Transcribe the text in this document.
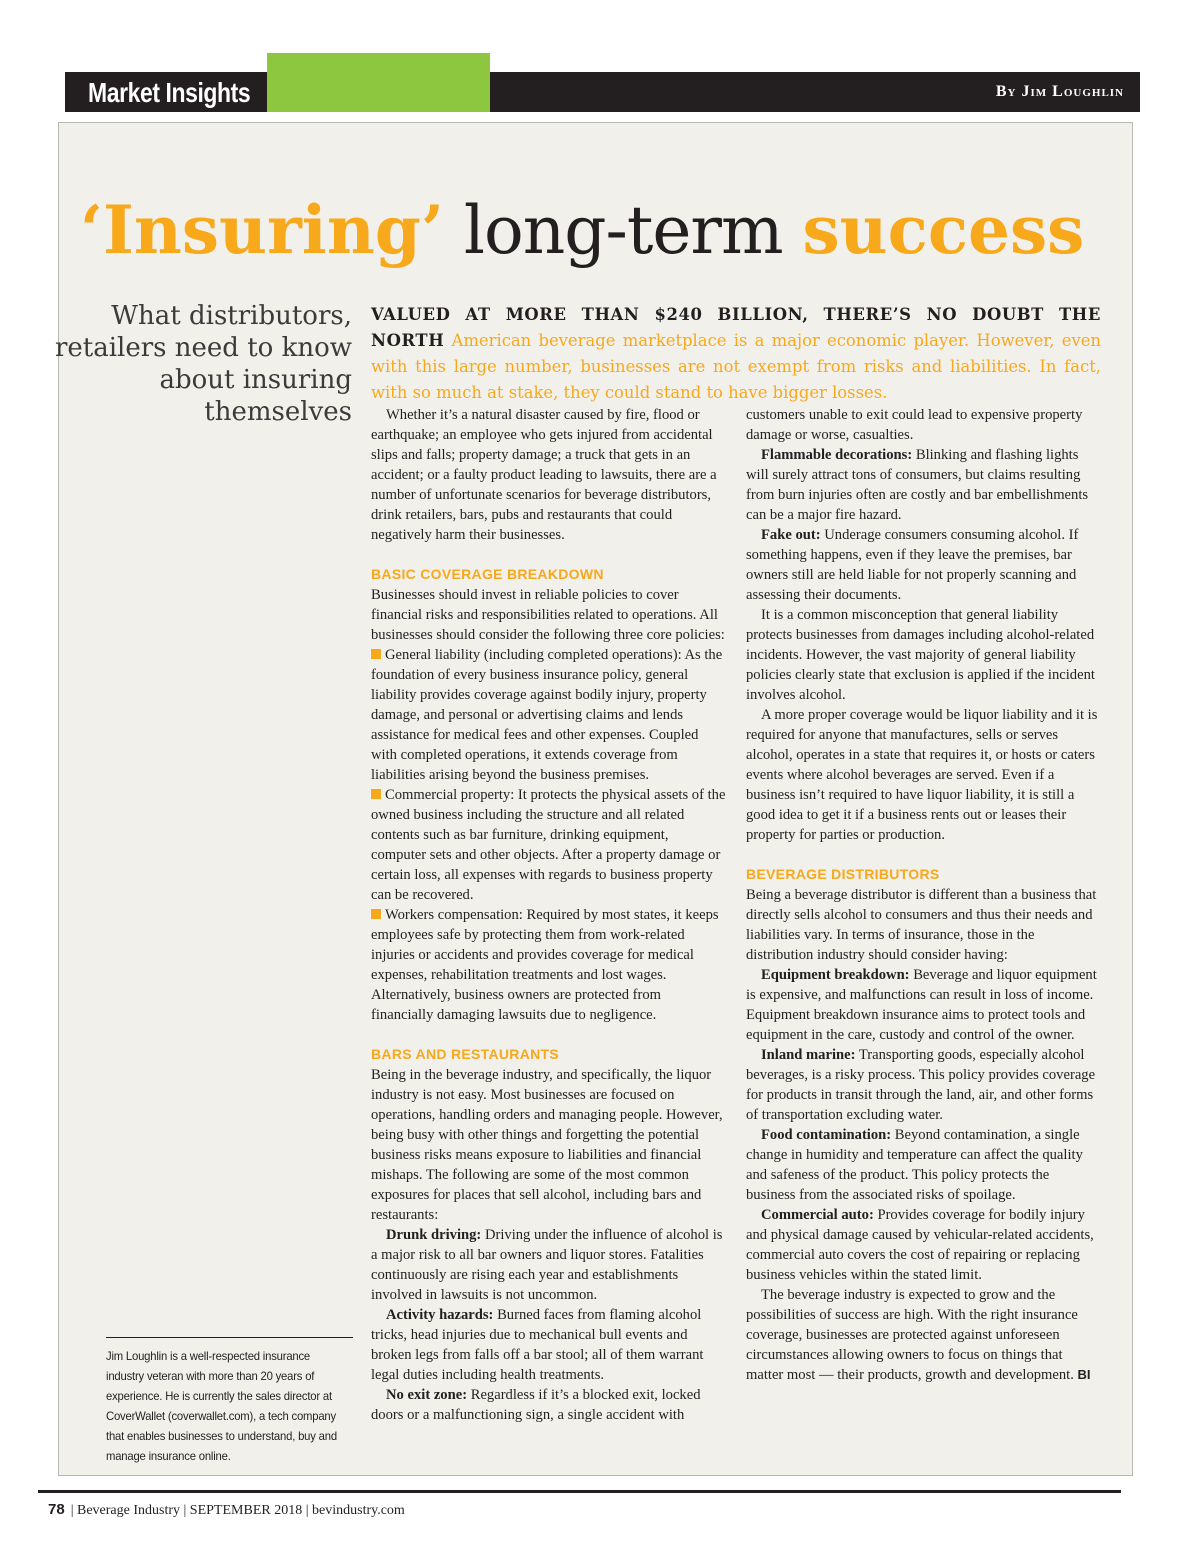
Market Insights	By Jim Loughlin
‘Insuring’ long-term success
What distributors, retailers need to know about insuring themselves
VALUED AT MORE THAN $240 BILLION, THERE’S NO DOUBT THE NORTH American beverage marketplace is a major economic player. However, even with this large number, businesses are not exempt from risks and liabilities. In fact, with so much at stake, they could stand to have bigger losses.

Whether it’s a natural disaster caused by fire, flood or earthquake; an employee who gets injured from accidental slips and falls; property damage; a truck that gets in an accident; or a faulty product leading to lawsuits, there are a number of unfortunate scenarios for beverage distributors, drink retailers, bars, pubs and restaurants that could negatively harm their businesses.

BASIC COVERAGE BREAKDOWN

Businesses should invest in reliable policies to cover financial risks and responsibilities related to operations. All businesses should consider the following three core policies:

General liability (including completed operations): As the foundation of every business insurance policy, general liability provides coverage against bodily injury, property damage, and personal or advertising claims and lends assistance for medical fees and other expenses. Coupled with completed operations, it extends coverage from liabilities arising beyond the business premises.

Commercial property: It protects the physical assets of the owned business including the structure and all related contents such as bar furniture, drinking equipment, computer sets and other objects. After a property damage or certain loss, all expenses with regards to business property can be recovered.

Workers compensation: Required by most states, it keeps employees safe by protecting them from work-related injuries or accidents and provides coverage for medical expenses, rehabilitation treatments and lost wages. Alternatively, business owners are protected from financially damaging lawsuits due to negligence.

BARS AND RESTAURANTS

Being in the beverage industry, and specifically, the liquor industry is not easy. Most businesses are focused on operations, handling orders and managing people. However, being busy with other things and forgetting the potential business risks means exposure to liabilities and financial mishaps. The following are some of the most common exposures for places that sell alcohol, including bars and restaurants:

Drunk driving: Driving under the influence of alcohol is a major risk to all bar owners and liquor stores. Fatalities continuously are rising each year and establishments involved in lawsuits is not uncommon.

Activity hazards: Burned faces from flaming alcohol tricks, head injuries due to mechanical bull events and broken legs from falls off a bar stool; all of them warrant legal duties including health treatments.

No exit zone: Regardless if it’s a blocked exit, locked doors or a malfunctioning sign, a single accident with

customers unable to exit could lead to expensive property damage or worse, casualties.

Flammable decorations: Blinking and flashing lights will surely attract tons of consumers, but claims resulting from burn injuries often are costly and bar embellishments can be a major fire hazard.

Fake out: Underage consumers consuming alcohol. If something happens, even if they leave the premises, bar owners still are held liable for not properly scanning and assessing their documents.

It is a common misconception that general liability protects businesses from damages including alcohol-related incidents. However, the vast majority of general liability policies clearly state that exclusion is applied if the incident involves alcohol.

A more proper coverage would be liquor liability and it is required for anyone that manufactures, sells or serves alcohol, operates in a state that requires it, or hosts or caters events where alcohol beverages are served. Even if a business isn’t required to have liquor liability, it is still a good idea to get it if a business rents out or leases their property for parties or production.

BEVERAGE DISTRIBUTORS

Being a beverage distributor is different than a business that directly sells alcohol to consumers and thus their needs and liabilities vary. In terms of insurance, those in the distribution industry should consider having:

Equipment breakdown: Beverage and liquor equipment is expensive, and malfunctions can result in loss of income. Equipment breakdown insurance aims to protect tools and equipment in the care, custody and control of the owner.

Inland marine: Transporting goods, especially alcohol beverages, is a risky process. This policy provides coverage for products in transit through the land, air, and other forms of transportation excluding water.

Food contamination: Beyond contamination, a single change in humidity and temperature can affect the quality and safeness of the product. This policy protects the business from the associated risks of spoilage.

Commercial auto: Provides coverage for bodily injury and physical damage caused by vehicular-related accidents, commercial auto covers the cost of repairing or replacing business vehicles within the stated limit.

The beverage industry is expected to grow and the possibilities of success are high. With the right insurance coverage, businesses are protected against unforeseen circumstances allowing owners to focus on things that matter most — their products, growth and development. BI

Jim Loughlin is a well-respected insurance industry veteran with more than 20 years of experience. He is currently the sales director at CoverWallet (coverwallet.com), a tech company that enables businesses to understand, buy and manage insurance online.
78 | Beverage Industry | SEPTEMBER 2018 | bevindustry.com
